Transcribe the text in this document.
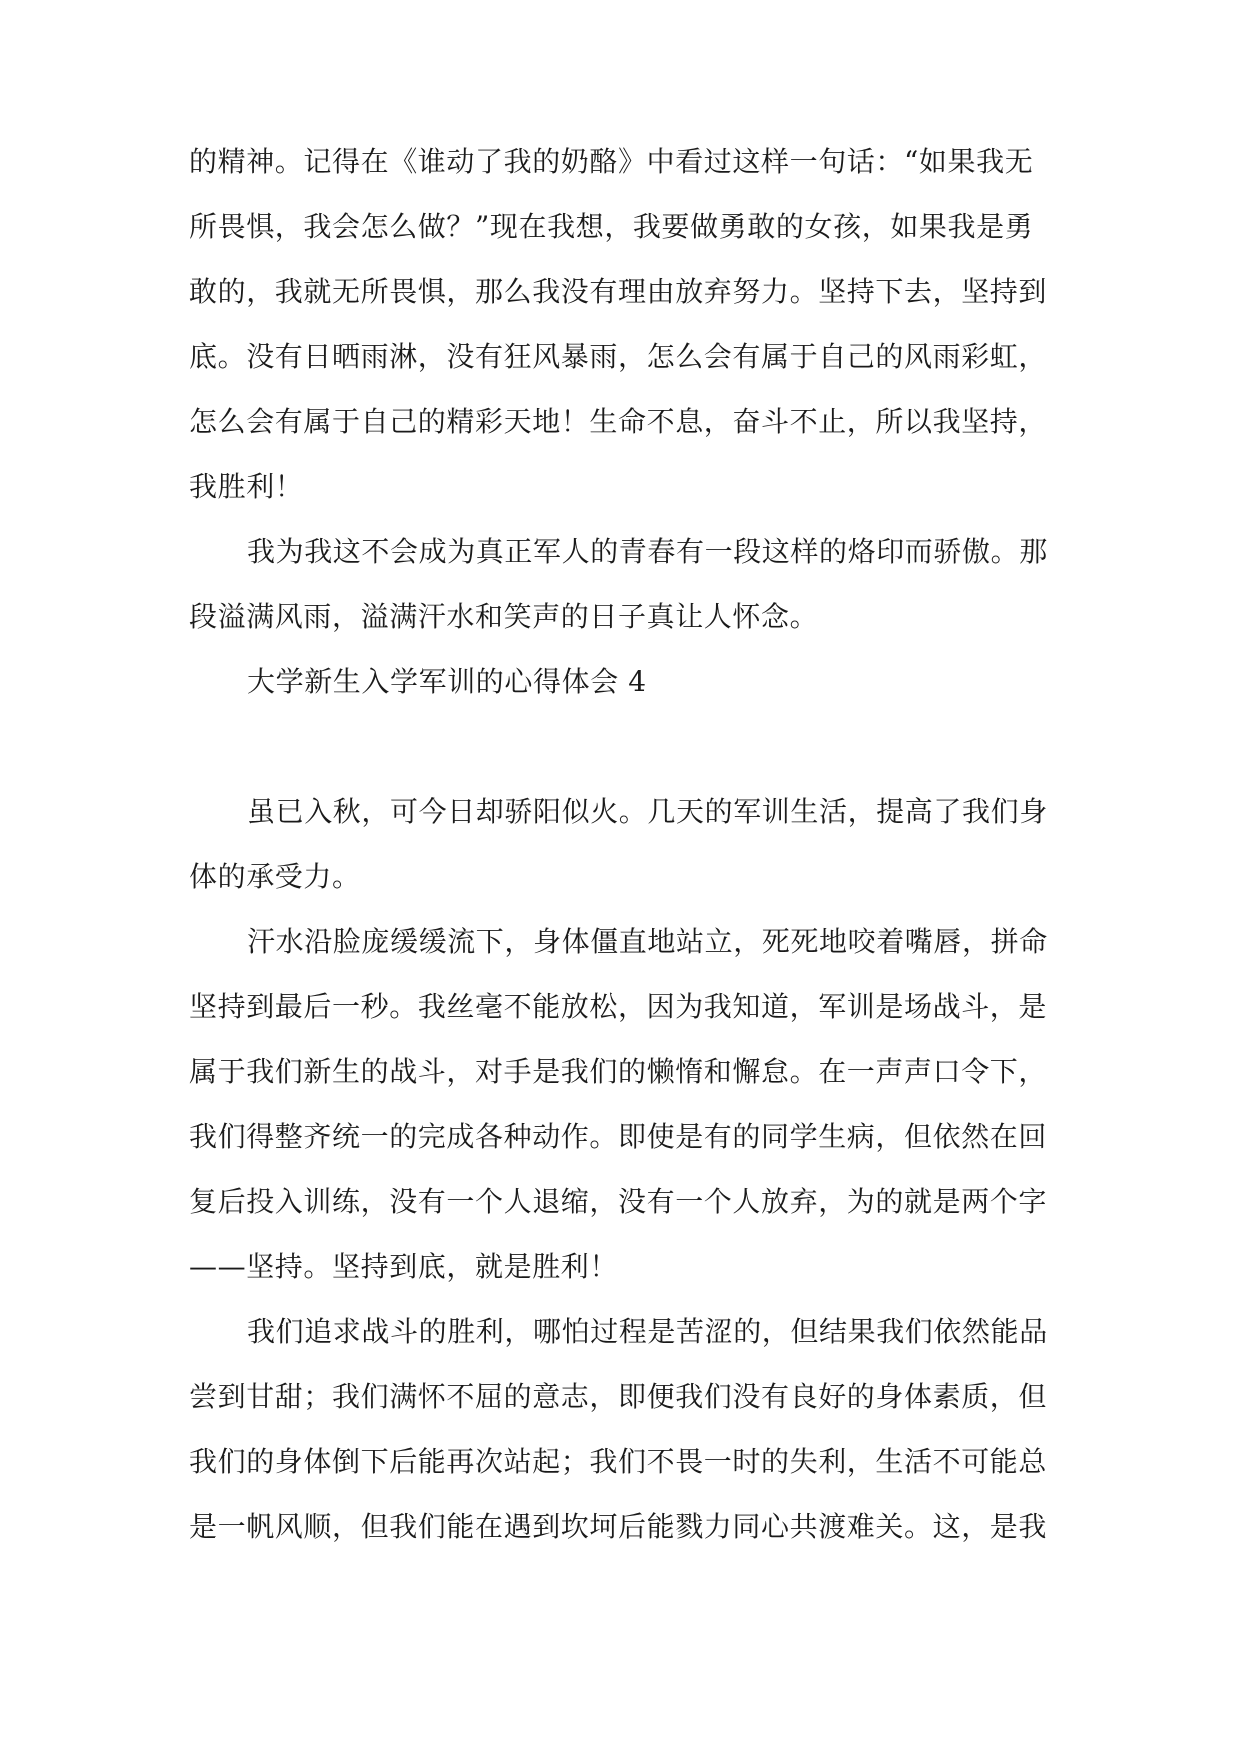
的精神。记得在《谁动了我的奶酪》中看过这样一句话：“如果我无
所畏惧，我会怎么做？”现在我想，我要做勇敢的女孩，如果我是勇
敢的，我就无所畏惧，那么我没有理由放弃努力。坚持下去，坚持到
底。没有日晒雨淋，没有狂风暴雨，怎么会有属于自己的风雨彩虹，
怎么会有属于自己的精彩天地！生命不息，奋斗不止，所以我坚持，
我胜利！
我为我这不会成为真正军人的青春有一段这样的烙印而骄傲。那
段溢满风雨，溢满汗水和笑声的日子真让人怀念。
大学新生入学军训的心得体会 4
虽已入秋，可今日却骄阳似火。几天的军训生活，提高了我们身
体的承受力。
汗水沿脸庞缓缓流下，身体僵直地站立，死死地咬着嘴唇，拼命
坚持到最后一秒。我丝毫不能放松，因为我知道，军训是场战斗，是
属于我们新生的战斗，对手是我们的懒惰和懈怠。在一声声口令下，
我们得整齐统一的完成各种动作。即使是有的同学生病，但依然在回
复后投入训练，没有一个人退缩，没有一个人放弃，为的就是两个字
——坚持。坚持到底，就是胜利！
我们追求战斗的胜利，哪怕过程是苦涩的，但结果我们依然能品
尝到甘甜；我们满怀不屈的意志，即便我们没有良好的身体素质，但
我们的身体倒下后能再次站起；我们不畏一时的失利，生活不可能总
是一帆风顺，但我们能在遇到坎坷后能戮力同心共渡难关。这，是我
